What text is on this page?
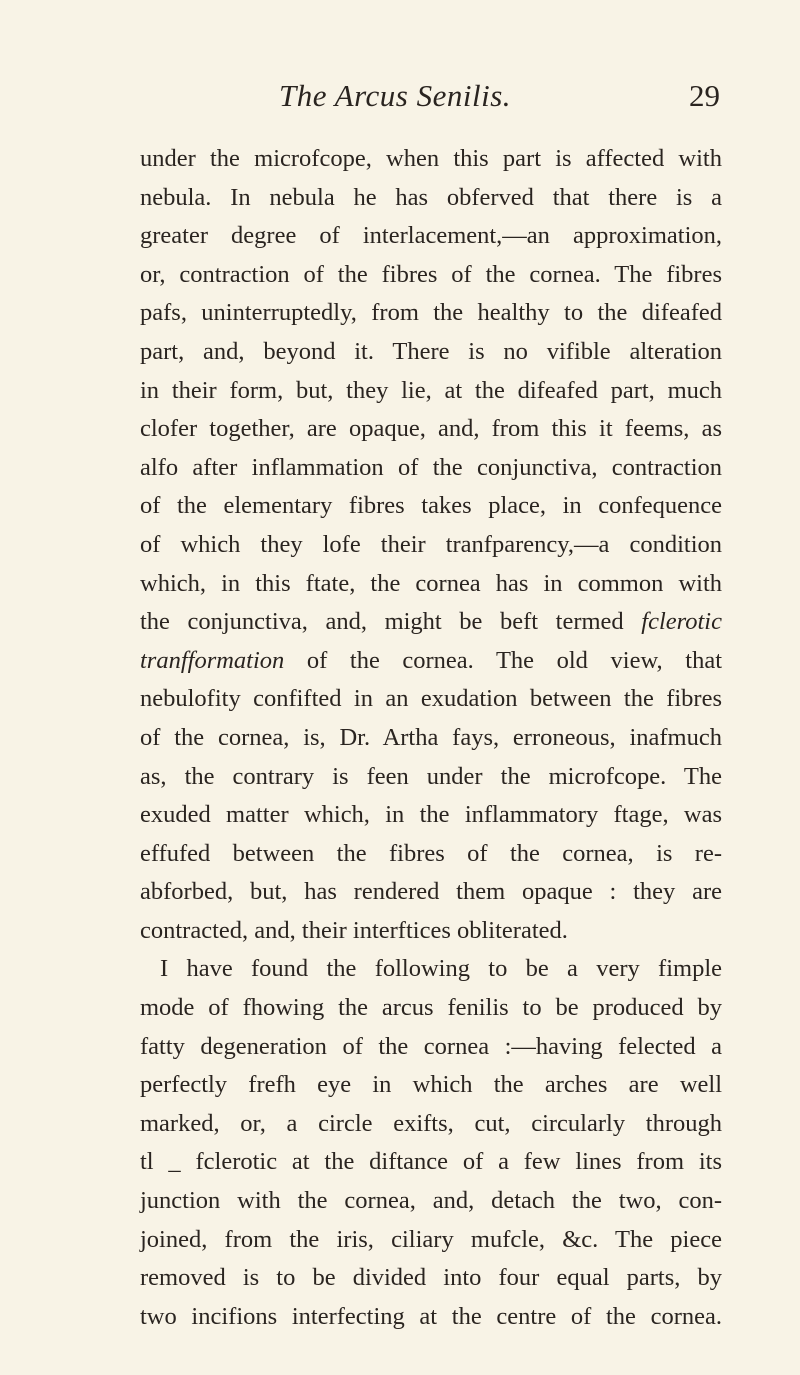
The Arcus Senilis.	29
under the microfcope, when this part is affected with
nebula. In nebula he has obferved that there is a
greater degree of interlacement,—an approximation,
or, contraction of the fibres of the cornea. The fibres
pafs, uninterruptedly, from the healthy to the difeafed
part, and, beyond it. There is no vifible alteration
in their form, but, they lie, at the difeafed part, much
clofer together, are opaque, and, from this it feems, as
alfo after inflammation of the conjunctiva, contraction
of the elementary fibres takes place, in confequence
of which they lofe their tranfparency,—a condition
which, in this ftate, the cornea has in common with
the conjunctiva, and, might be beft termed fclerotic
tranfformation of the cornea. The old view, that
nebulofity confifted in an exudation between the fibres
of the cornea, is, Dr. Artha fays, erroneous, inafmuch
as, the contrary is feen under the microfcope. The
exuded matter which, in the inflammatory ftage, was
effufed between the fibres of the cornea, is re-
abforbed, but, has rendered them opaque : they are
contracted, and, their interftices obliterated.
I have found the following to be a very fimple
mode of fhowing the arcus fenilis to be produced by
fatty degeneration of the cornea :—having felected a
perfectly frefh eye in which the arches are well
marked, or, a circle exifts, cut, circularly through
tl _ fclerotic at the diftance of a few lines from its
junction with the cornea, and, detach the two, con-
joined, from the iris, ciliary mufcle, &c. The piece
removed is to be divided into four equal parts, by
two incifions interfecting at the centre of the cornea.
